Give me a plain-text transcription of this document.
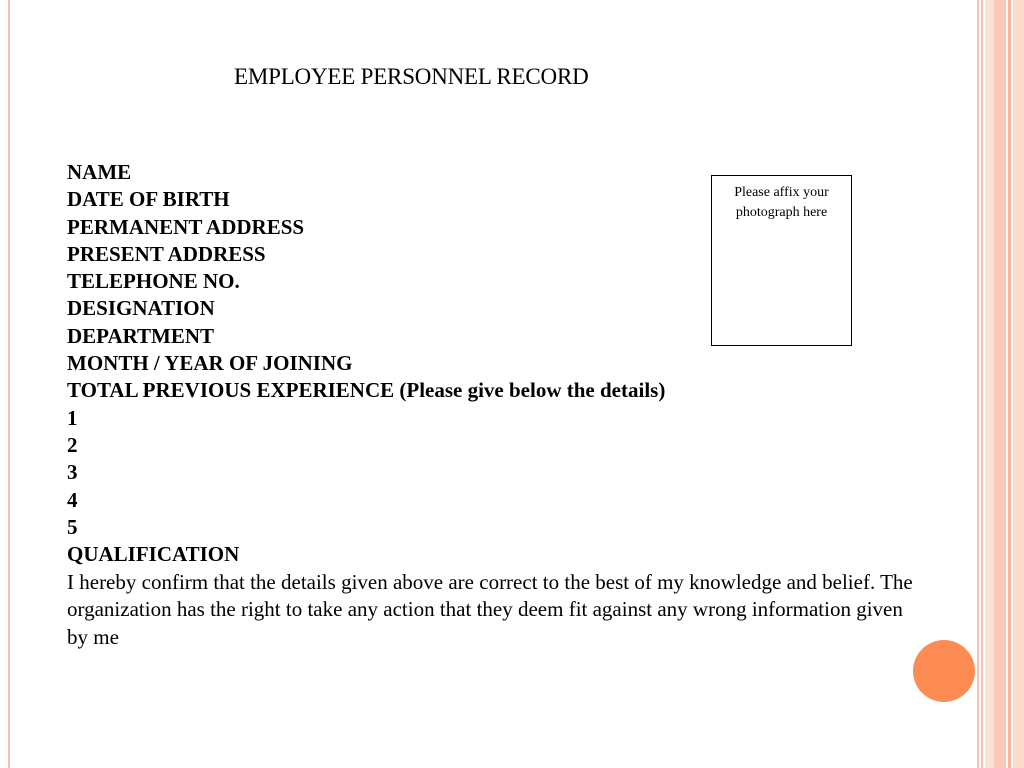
EMPLOYEE PERSONNEL RECORD
NAME
DATE OF BIRTH
PERMANENT ADDRESS
PRESENT ADDRESS
TELEPHONE NO.
DESIGNATION
DEPARTMENT
MONTH / YEAR OF JOINING
TOTAL PREVIOUS EXPERIENCE (Please give below the details)
1
2
3
4
5
QUALIFICATION

I hereby confirm that the details given above are correct to the best of my knowledge and belief. The organization has the right to take any action that they deem fit against any wrong information given by me

Please affix your photograph here
